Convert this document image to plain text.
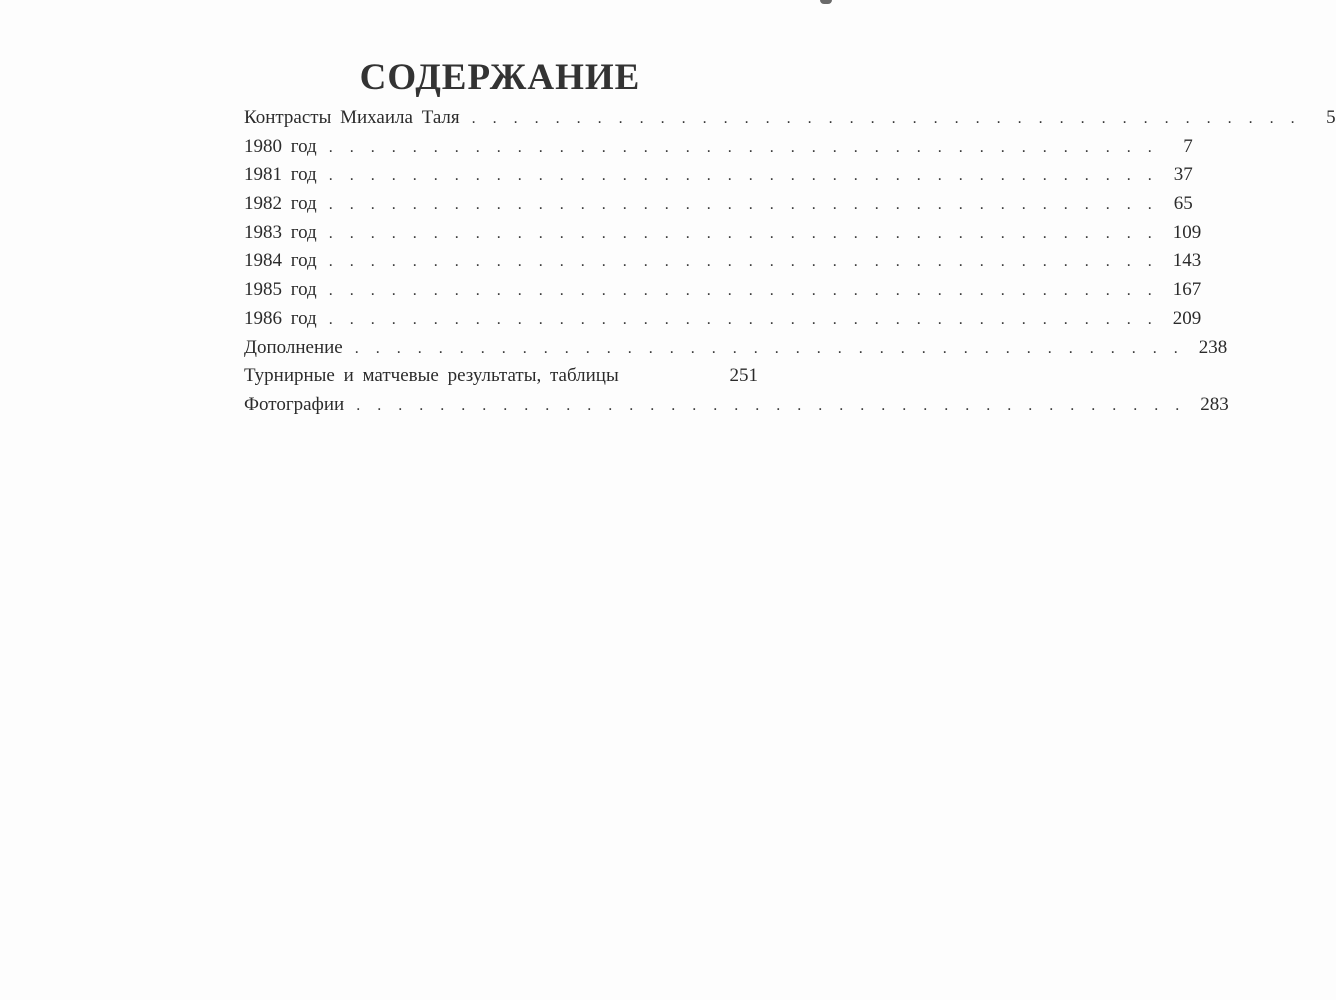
СОДЕРЖАНИЕ
Контрасты Михаила Таля ........................................ 5
1980 год ........................................ 7
1981 год ........................................ 37
1982 год ........................................ 65
1983 год ........................................ 109
1984 год ........................................ 143
1985 год ........................................ 167
1986 год ........................................ 209
Дополнение ........................................ 238
Турнирные и матчевые результаты, таблицы	251
Фотографии ........................................ 283
